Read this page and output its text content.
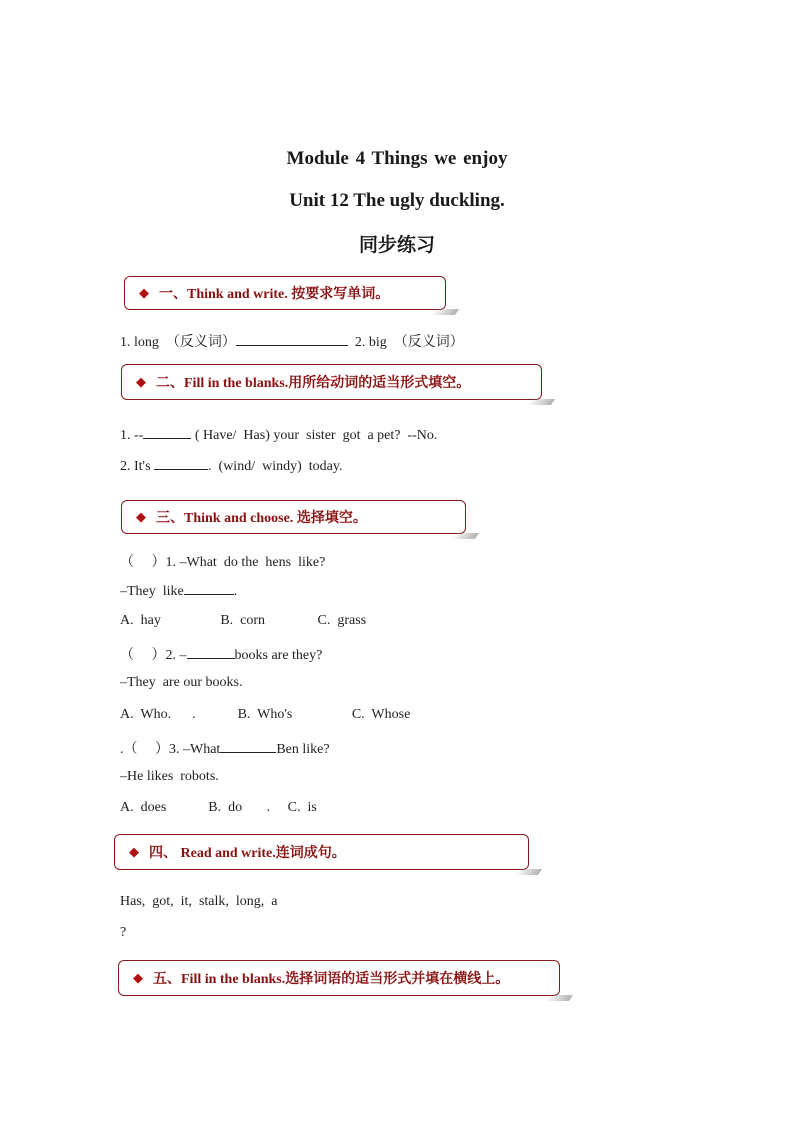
Module 4 Things we enjoy
Unit 12 The ugly duckling.
同步练习
◆ 一、Think and write. 按要求写单词。
1. long  （反义词）	2. big  （反义词）
◆ 二、Fill in the blanks.用所给动词的适当形式填空。
1. --	( Have/  Has) your  sister  got  a pet?  --No.
2. It's	.  (wind/  windy)  today.
◆ 三、Think and choose. 选择填空。
（     ）1. –What  do the  hens  like?
–They  like	.
A.  hay                 B.  corn               C.  grass
（     ）2. –	books are they?
–They  are our books.
A.  Who.      .            B.  Who's                 C.  Whose
.（     ）3. –What	Ben like?
–He likes  robots.
A.  does            B.  do       .     C.  is
◆ 四、 Read and write.连词成句。
Has,  got,  it,  stalk,  long,  a
?
◆ 五、Fill in the blanks.选择词语的适当形式并填在横线上。
